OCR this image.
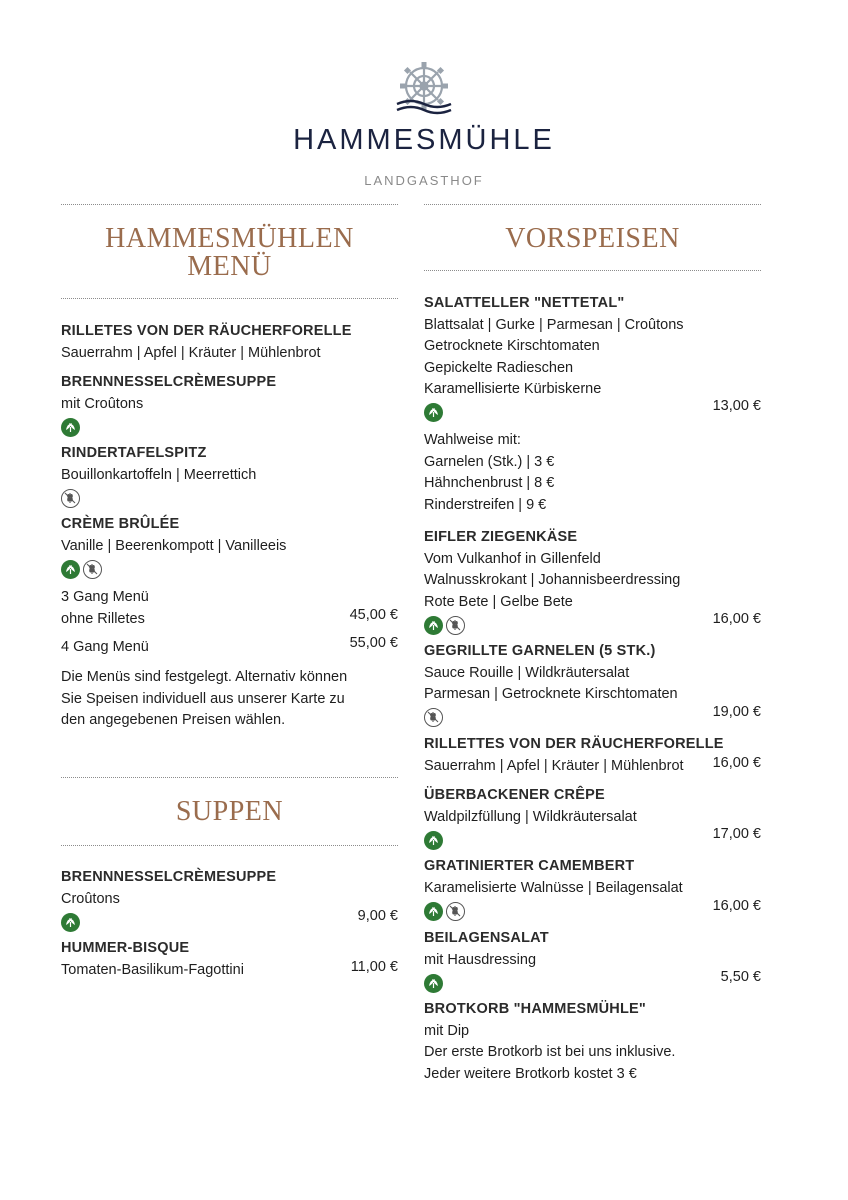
HAMMESMÜHLE
LANDGASTHOF
HAMMESMÜHLEN
MENÜ
RILLETES VON DER RÄUCHERFORELLE
Sauerrahm | Apfel | Kräuter | Mühlenbrot
BRENNNESSELCRÈMESUPPE
mit Croûtons
RINDERTAFELSPITZ
Bouillonkartoffeln | Meerrettich
CRÈME BRÛLÉE
Vanille | Beerenkompott | Vanilleeis
3 Gang Menü
ohne Rilletes	45,00 €
4 Gang Menü	55,00 €
Die Menüs sind festgelegt. Alternativ können
Sie Speisen individuell aus unserer Karte zu
den angegebenen Preisen wählen.
SUPPEN
BRENNNESSELCRÈMESUPPE
Croûtons
9,00 €
HUMMER-BISQUE
Tomaten-Basilikum-Fagottini	11,00 €
VORSPEISEN
SALATTELLER "NETTETAL"
Blattsalat | Gurke | Parmesan | Croûtons
Getrocknete Kirschtomaten
Gepickelte Radieschen
Karamellisierte Kürbiskerne
13,00 €
Wahlweise mit:
Garnelen (Stk.) | 3 €
Hähnchenbrust | 8 €
Rinderstreifen | 9 €
EIFLER ZIEGENKÄSE
Vom Vulkanhof in Gillenfeld
Walnusskrokant | Johannisbeerdressing
Rote Bete | Gelbe Bete
16,00 €
GEGRILLTE GARNELEN (5 STK.)
Sauce Rouille | Wildkräutersalat
Parmesan | Getrocknete Kirschtomaten
19,00 €
RILLETTES VON DER RÄUCHERFORELLE
Sauerrahm | Apfel | Kräuter | Mühlenbrot	16,00 €
ÜBERBACKENER CRÊPE
Waldpilzfüllung | Wildkräutersalat
17,00 €
GRATINIERTER CAMEMBERT
Karamelisierte Walnüsse | Beilagensalat
16,00 €
BEILAGENSALAT
mit Hausdressing
5,50 €
BROTKORB "HAMMESMÜHLE"
mit Dip
Der erste Brotkorb ist bei uns inklusive.
Jeder weitere Brotkorb kostet 3 €
